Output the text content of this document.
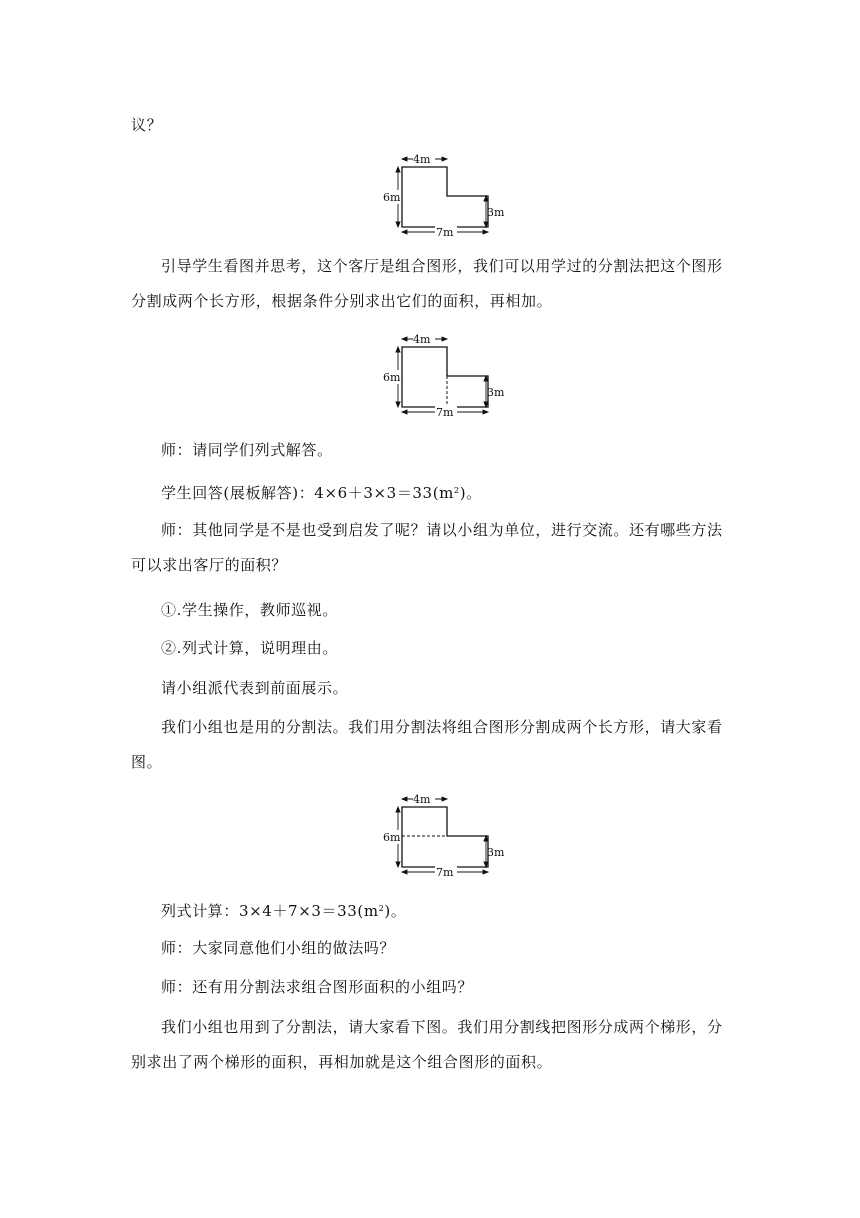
议？

4m
6m
3m
7m

引导学生看图并思考，这个客厅是组合图形，我们可以用学过的分割法把这个图形分割成两个长方形，根据条件分别求出它们的面积，再相加。

4m
6m
3m
7m

师：请同学们列式解答。

学生回答(展板解答)：$4\times 6+3\times 3=33(m^2)$。

师：其他同学是不是也受到启发了呢？请以小组为单位，进行交流。还有哪些方法可以求出客厅的面积？

①.学生操作，教师巡视。

②.列式计算，说明理由。

请小组派代表到前面展示。

我们小组也是用的分割法。我们用分割法将组合图形分割成两个长方形，请大家看图。

4m
6m
3m
7m

列式计算：$3\times 4+7\times 3=33(m^2)$。

师：大家同意他们小组的做法吗？

师：还有用分割法求组合图形面积的小组吗？

我们小组也用到了分割法，请大家看下图。我们用分割线把图形分成两个梯形，分别求出了两个梯形的面积，再相加就是这个组合图形的面积。
